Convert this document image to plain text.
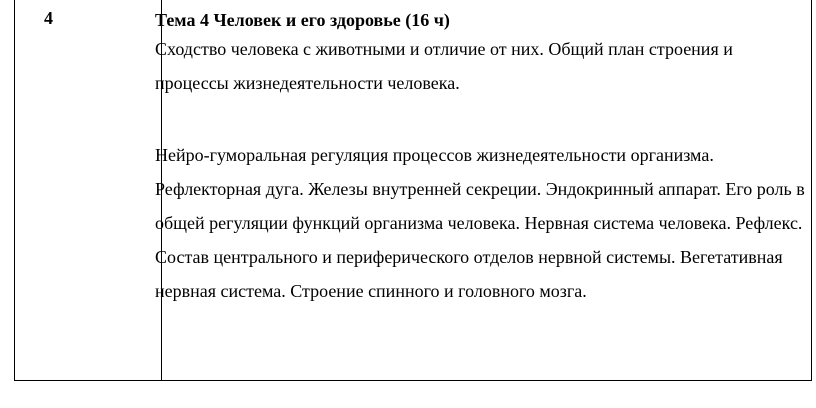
4	Тема 4 Человек и его здоровье (16 ч)

Сходство человека с животными и отличие от них. Общий план строения и процессы жизнедеятельности человека.

Нейро-гуморальная регуляция процессов жизнедеятельности организма. Рефлекторная дуга. Железы внутренней секреции. Эндокринный аппарат. Его роль в общей регуляции функций организма человека. Нервная система человека. Рефлекс. Состав центрального и периферического отделов нервной системы. Вегетативная нервная система. Строение спинного и головного мозга.
